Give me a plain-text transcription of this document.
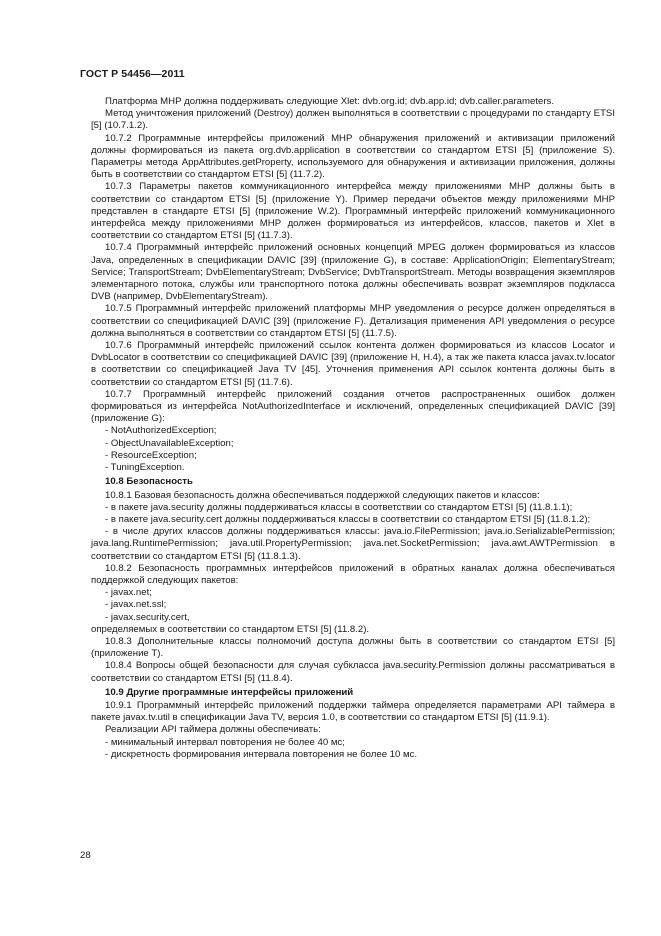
ГОСТ Р 54456—2011

Платформа МНР должна поддерживать следующие Xlet: dvb.org.id; dvb.app.id; dvb.caller.parameters.

Метод уничтожения приложений (Destroy) должен выполняться в соответствии с процедурами по стандарту ETSI [5] (10.7.1.2).

10.7.2 Программные интерфейсы приложений МНР обнаружения приложений и активизации приложений должны формироваться из пакета org.dvb.application в соответствии со стандартом ETSI [5] (приложение S). Параметры метода AppAttributes.getProperty, используемого для обнаружения и активизации приложения, должны быть в соответствии со стандартом ETSI [5] (11.7.2).

10.7.3 Параметры пакетов коммуникационного интерфейса между приложениями МНР должны быть в соответствии со стандартом ETSI [5] (приложение Y). Пример передачи объектов между приложениями МНР представлен в стандарте ETSI [5] (приложение W.2). Программный интерфейс приложений коммуникационного интерфейса между приложениями МНР должен формироваться из интерфейсов, классов, пакетов и Xlet в соответствии со стандартом ETSI [5] (11.7.3).

10.7.4 Программный интерфейс приложений основных концепций MPEG должен формироваться из классов Java, определенных в спецификации DAVIC [39] (приложение G), в составе: ApplicationOrigin; ElementaryStream; Service; TransportStream; DvbElementaryStream; DvbService; DvbTransportStream. Методы возвращения экземпляров элементарного потока, службы или транспортного потока должны обеспечивать возврат экземпляров подкласса DVB (например, DvbElementaryStream).

10.7.5 Программный интерфейс приложений платформы МНР уведомления о ресурсе должен определяться в соответствии со спецификацией DAVIC [39] (приложение F). Детализация применения API уведомления о ресурсе должна выполняться в соответствии со стандартом ETSI [5] (11.7.5).

10.7.6 Программный интерфейс приложений ссылок контента должен формироваться из классов Locator и DvbLocator в соответствии со спецификацией DAVIC [39] (приложение H, H.4), а так же пакета класса javax.tv.locator в соответствии со спецификацией Java TV [45]. Уточнения применения API ссылок контента должны быть в соответствии со стандартом ETSI [5] (11.7.6).

10.7.7 Программный интерфейс приложений создания отчетов распространенных ошибок должен формироваться из интерфейса NotAuthorizedInterface и исключений, определенных спецификацией DAVIC [39] (приложение G):

- NotAuthorizedException;

- ObjectUnavailableException;

- ResourceException;

- TuningException.

10.8 Безопасность

10.8.1 Базовая безопасность должна обеспечиваться поддержкой следующих пакетов и классов:

- в пакете java.security должны поддерживаться классы в соответствии со стандартом ETSI [5] (11.8.1.1);

- в пакете java.security.cert должны поддерживаться классы в соответствии со стандартом ETSI [5] (11.8.1.2);

- в числе других классов должны поддерживаться классы: java.io.FilePermission; java.io.SerializablePermission; java.lang.RuntimePermission; java.util.PropertyPermission; java.net.SocketPermission; java.awt.AWTPermission в соответствии со стандартом ETSI [5] (11.8.1.3).

10.8.2 Безопасность программных интерфейсов приложений в обратных каналах должна обеспечиваться поддержкой следующих пакетов:

- javax.net;

- javax.net.ssl;

- javax.security.cert,

определяемых в соответствии со стандартом ETSI [5] (11.8.2).

10.8.3 Дополнительные классы полномочий доступа должны быть в соответствии со стандартом ETSI [5] (приложение T).

10.8.4 Вопросы общей безопасности для случая субкласса java.security.Permission должны рассматриваться в соответствии со стандартом ETSI [5] (11.8.4).

10.9 Другие программные интерфейсы приложений

10.9.1 Программный интерфейс приложений поддержки таймера определяется параметрами API таймера в пакете javax.tv.util в спецификации Java TV, версия 1.0, в соответствии со стандартом ETSI [5] (11.9.1).

Реализации API таймера должны обеспечивать:

- минимальный интервал повторения не более 40 мс;

- дискретность формирования интервала повторения не более 10 мс.

28
